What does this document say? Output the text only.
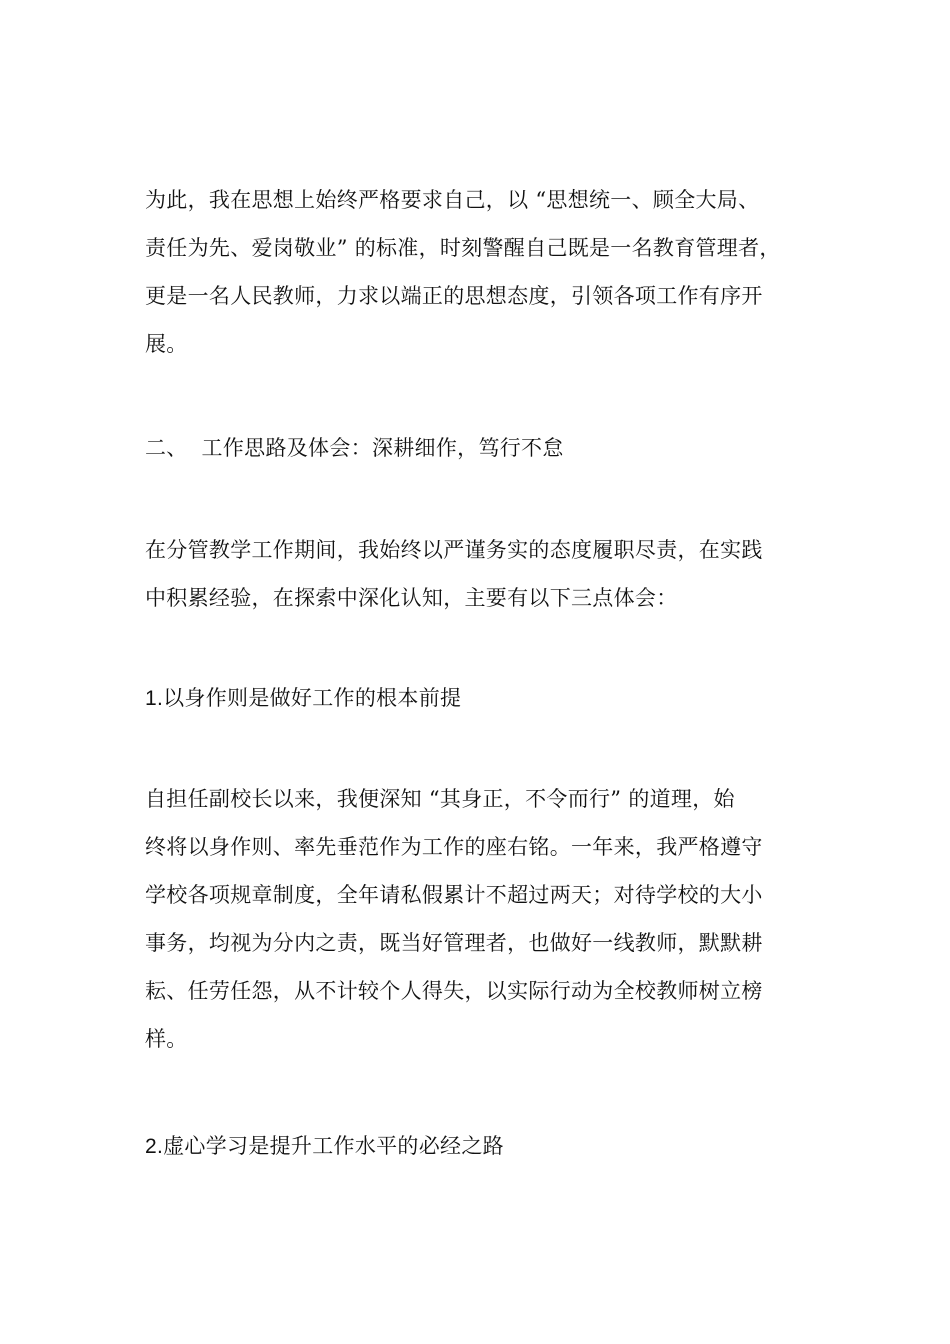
为此，我在思想上始终严格要求自己，以 “思想统一、顾全大局、
责任为先、爱岗敬业” 的标准，时刻警醒自己既是一名教育管理者，
更是一名人民教师，力求以端正的思想态度，引领各项工作有序开
展。
二、  工作思路及体会：深耕细作，笃行不怠
在分管教学工作期间，我始终以严谨务实的态度履职尽责，在实践
中积累经验，在探索中深化认知，主要有以下三点体会：
1.以身作则是做好工作的根本前提
自担任副校长以来，我便深知 “其身正，不令而行” 的道理，始
终将以身作则、率先垂范作为工作的座右铭。一年来，我严格遵守
学校各项规章制度，全年请私假累计不超过两天；对待学校的大小
事务，均视为分内之责，既当好管理者，也做好一线教师，默默耕
耘、任劳任怨，从不计较个人得失，以实际行动为全校教师树立榜
样。
2.虚心学习是提升工作水平的必经之路
